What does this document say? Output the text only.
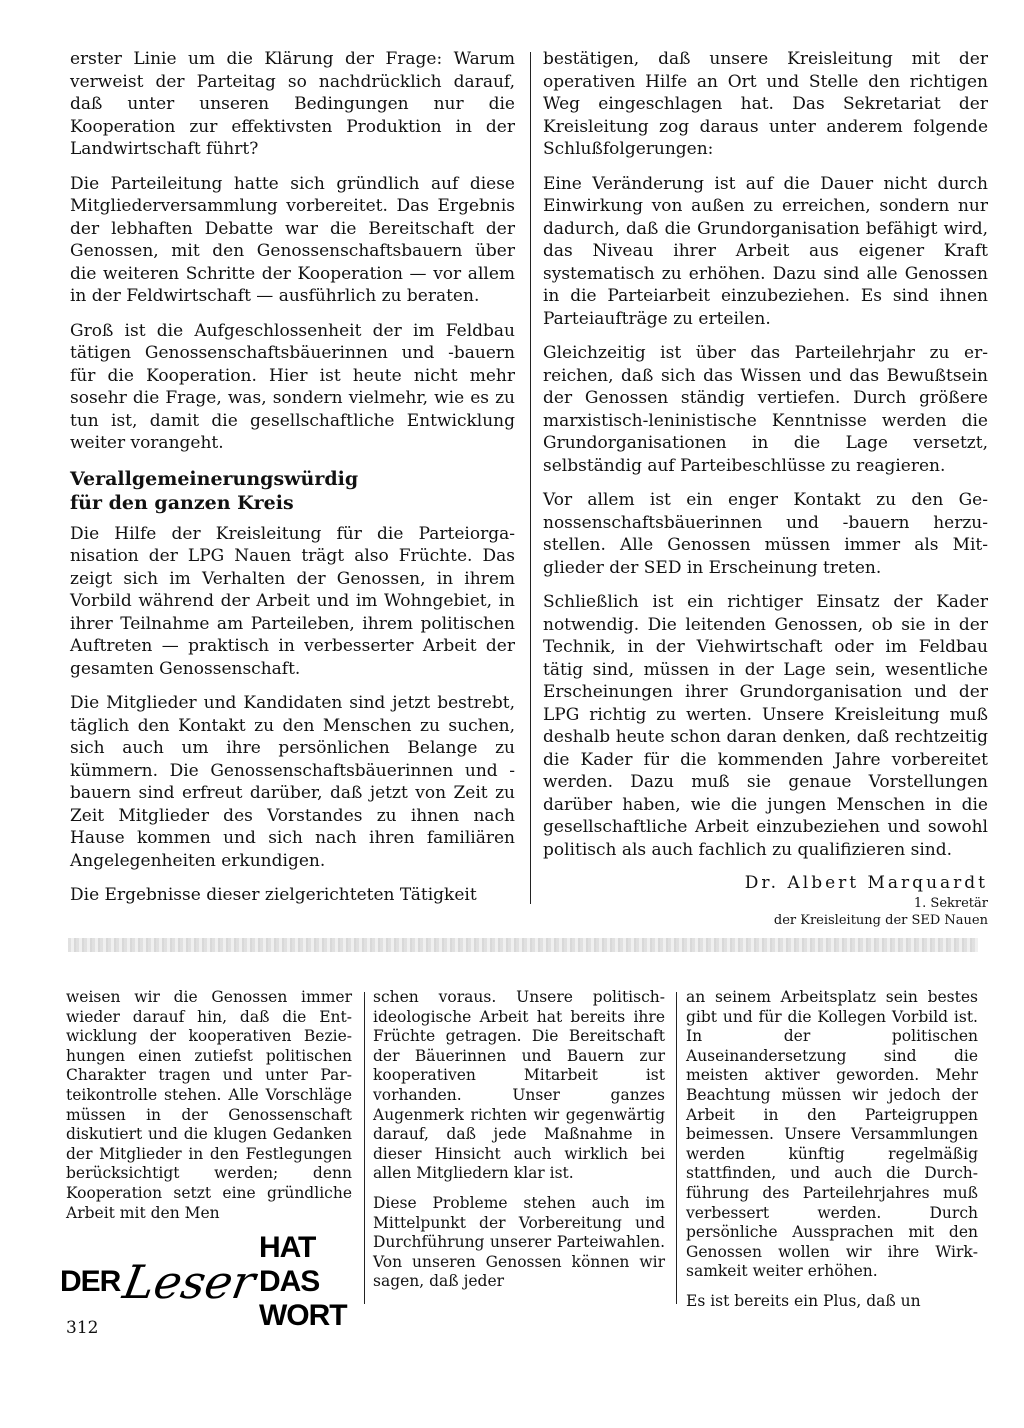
erster Linie um die Klärung der Frage: Warum verweist der Parteitag so nachdrücklich darauf, daß unter unseren Bedingungen nur die Kooperation zur effektivsten Produktion in der Landwirtschaft führt?

Die Parteileitung hatte sich gründlich auf diese Mitgliederversammlung vorbereitet. Das Ergebnis der lebhaften Debatte war die Bereitschaft der Genossen, mit den Genossenschaftsbauern über die weiteren Schritte der Kooperation — vor allem in der Feldwirtschaft — ausführlich zu beraten.

Groß ist die Aufgeschlossenheit der im Feldbau tätigen Genossenschaftsbäuerinnen und -bauern für die Kooperation. Hier ist heute nicht mehr sosehr die Frage, was, sondern vielmehr, wie es zu tun ist, damit die gesellschaftliche Entwicklung weiter vorangeht.

Verallgemeinerungswürdig
für den ganzen Kreis

Die Hilfe der Kreisleitung für die Parteiorganisation der LPG Nauen trägt also Früchte. Das zeigt sich im Verhalten der Genossen, in ihrem Vorbild während der Arbeit und im Wohngebiet, in ihrer Teilnahme am Parteileben, ihrem politischen Auftreten — praktisch in verbesserter Arbeit der gesamten Genossenschaft.

Die Mitglieder und Kandidaten sind jetzt bestrebt, täglich den Kontakt zu den Menschen zu suchen, sich auch um ihre persönlichen Belange zu kümmern. Die Genossenschaftsbäuerinnen und -bauern sind erfreut darüber, daß jetzt von Zeit zu Zeit Mitglieder des Vorstandes zu ihnen nach Hause kommen und sich nach ihren familiären Angelegenheiten erkundigen.

Die Ergebnisse dieser zielgerichteten Tätigkeit

bestätigen, daß unsere Kreisleitung mit der operativen Hilfe an Ort und Stelle den richtigen Weg eingeschlagen hat. Das Sekretariat der Kreisleitung zog daraus unter anderem folgende Schlußfolgerungen:

Eine Veränderung ist auf die Dauer nicht durch Einwirkung von außen zu erreichen, sondern nur dadurch, daß die Grundorganisation befähigt wird, das Niveau ihrer Arbeit aus eigener Kraft systematisch zu erhöhen. Dazu sind alle Genossen in die Parteiarbeit einzubeziehen. Es sind ihnen Parteiaufträge zu erteilen.

Gleichzeitig ist über das Parteilehrjahr zu erreichen, daß sich das Wissen und das Bewußtsein der Genossen ständig vertiefen. Durch größere marxistisch-leninistische Kenntnisse werden die Grundorganisationen in die Lage versetzt, selbständig auf Parteibeschlüsse zu reagieren.

Vor allem ist ein enger Kontakt zu den Genossenschaftsbäuerinnen und -bauern herzustellen. Alle Genossen müssen immer als Mitglieder der SED in Erscheinung treten.

Schließlich ist ein richtiger Einsatz der Kader notwendig. Die leitenden Genossen, ob sie in der Technik, in der Viehwirtschaft oder im Feldbau tätig sind, müssen in der Lage sein, wesentliche Erscheinungen ihrer Grundorganisation und der LPG richtig zu werten. Unsere Kreisleitung muß deshalb heute schon daran denken, daß rechtzeitig die Kader für die kommenden Jahre vorbereitet werden. Dazu muß sie genaue Vorstellungen darüber haben, wie die jungen Menschen in die gesellschaftliche Arbeit einzubeziehen und sowohl politisch als auch fachlich zu qualifizieren sind.

Dr. Albert Marquardt

1. Sekretär

der Kreisleitung der SED Nauen

weisen wir die Genossen immer wieder darauf hin, daß die Entwicklung der kooperativen Beziehungen einen zutiefst politischen Charakter tragen und unter Parteikontrolle stehen. Alle Vorschläge müssen in der Genossenschaft diskutiert und die klugen Gedanken der Mitglieder in den Festlegungen berücksichtigt werden; denn Kooperation setzt eine gründliche Arbeit mit den Men

schen voraus. Unsere politisch-ideologische Arbeit hat bereits ihre Früchte getragen. Die Bereitschaft der Bäuerinnen und Bauern zur kooperativen Mitarbeit ist vorhanden. Unser ganzes Augenmerk richten wir gegenwärtig darauf, daß jede Maßnahme in dieser Hinsicht auch wirklich bei allen Mitgliedern klar ist.

Diese Probleme stehen auch im Mittelpunkt der Vorbereitung und Durchführung unserer Parteiwahlen. Von unseren Genossen können wir sagen, daß jeder

an seinem Arbeitsplatz sein bestes gibt und für die Kollegen Vorbild ist. In der politischen Auseinandersetzung sind die meisten aktiver geworden. Mehr Beachtung müssen wir jedoch der Arbeit in den Parteigruppen beimessen. Unsere Versammlungen werden künftig regelmäßig stattfinden, und auch die Durchführung des Parteilehrjahres muß verbessert werden. Durch persönliche Aussprachen mit den Genossen wollen wir ihre Wirksamkeit weiter erhöhen.

Es ist bereits ein Plus, daß un

DER Leser
HAT DAS WORT
312
